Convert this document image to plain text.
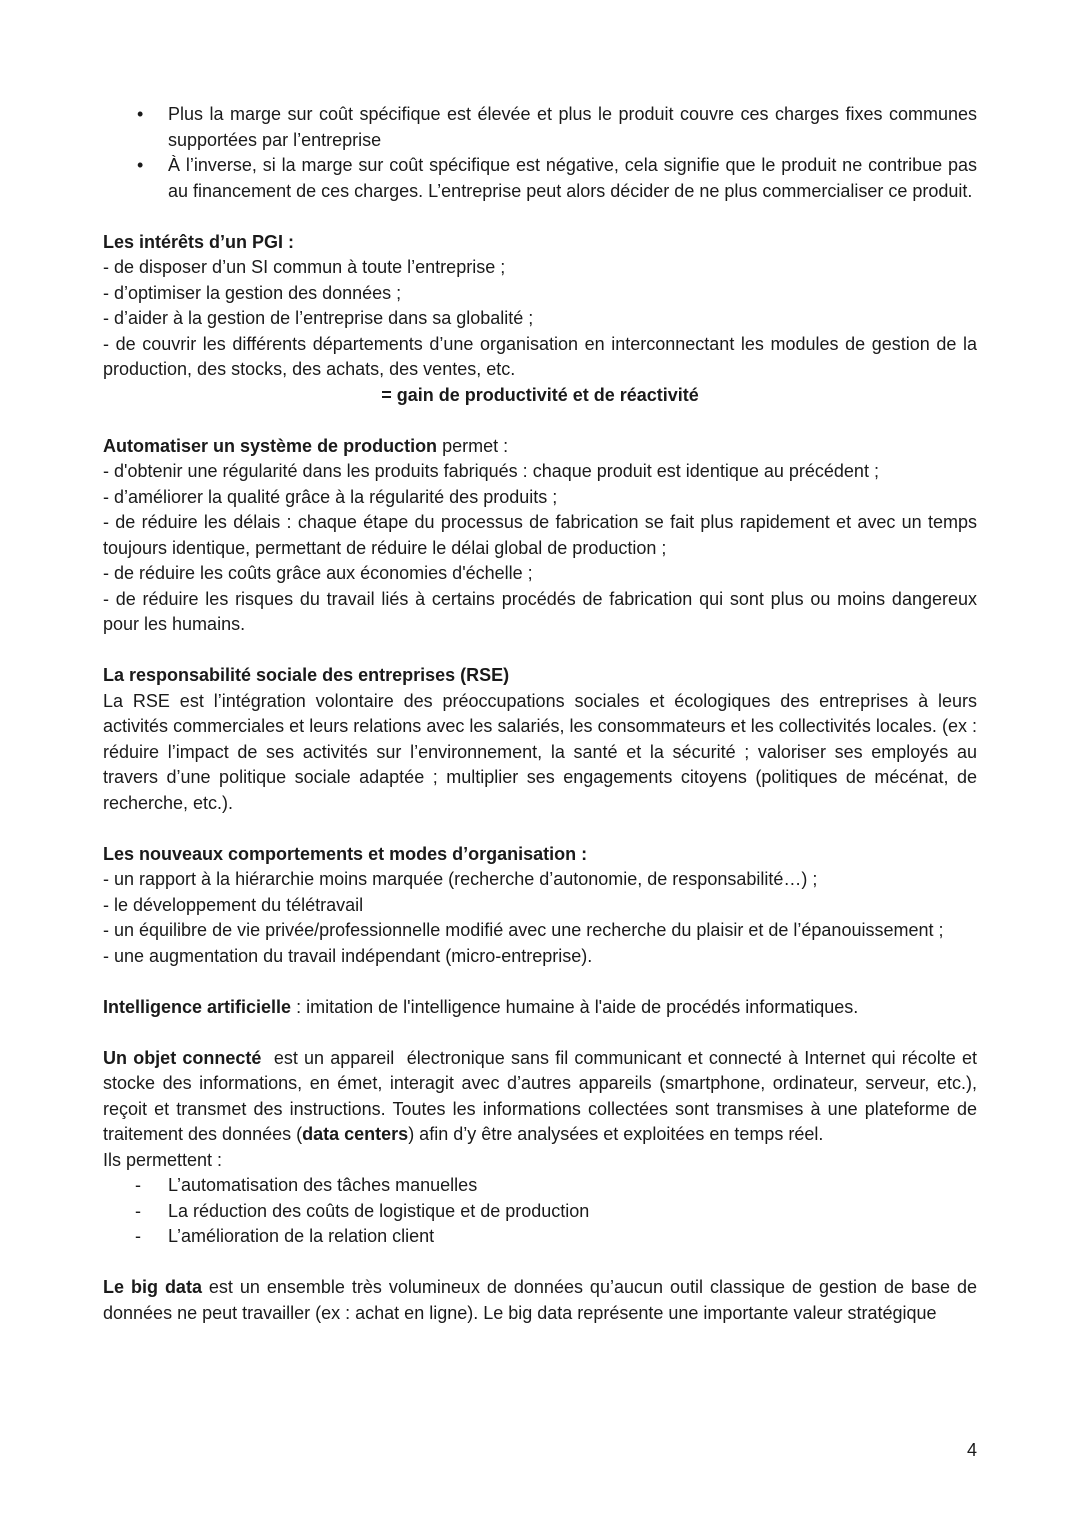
• Plus la marge sur coût spécifique est élevée et plus le produit couvre ces charges fixes communes supportées par l’entreprise
• À l’inverse, si la marge sur coût spécifique est négative, cela signifie que le produit ne contribue pas au financement de ces charges. L’entreprise peut alors décider de ne plus commercialiser ce produit.

Les intérêts d’un PGI :

- de disposer d’un SI commun à toute l’entreprise ;

- d’optimiser la gestion des données ;

- d’aider à la gestion de l’entreprise dans sa globalité ;

- de couvrir les différents départements d’une organisation en interconnectant les modules de gestion de la production, des stocks, des achats, des ventes, etc.

= gain de productivité et de réactivité

Automatiser un système de production permet :

- d'obtenir une régularité dans les produits fabriqués : chaque produit est identique au précédent ;

- d’améliorer la qualité grâce à la régularité des produits ;

- de réduire les délais : chaque étape du processus de fabrication se fait plus rapidement et avec un temps toujours identique, permettant de réduire le délai global de production ;

- de réduire les coûts grâce aux économies d'échelle ;

- de réduire les risques du travail liés à certains procédés de fabrication qui sont plus ou moins dangereux pour les humains.

La responsabilité sociale des entreprises (RSE)

La RSE est l’intégration volontaire des préoccupations sociales et écologiques des entreprises à leurs activités commerciales et leurs relations avec les salariés, les consommateurs et les collectivités locales. (ex : réduire l’impact de ses activités sur l’environnement, la santé et la sécurité ; valoriser ses employés au travers d’une politique sociale adaptée ; multiplier ses engagements citoyens (politiques de mécénat, de recherche, etc.).

Les nouveaux comportements et modes d’organisation :

- un rapport à la hiérarchie moins marquée (recherche d’autonomie, de responsabilité…) ;

- le développement du télétravail

- un équilibre de vie privée/professionnelle modifié avec une recherche du plaisir et de l’épanouissement ;

- une augmentation du travail indépendant (micro-entreprise).

Intelligence artificielle : imitation de l'intelligence humaine à l'aide de procédés informatiques.

Un objet connecté  est un appareil  électronique sans fil communicant et connecté à Internet qui récolte et stocke des informations, en émet, interagit avec d’autres appareils (smartphone, ordinateur, serveur, etc.), reçoit et transmet des instructions. Toutes les informations collectées sont transmises à une plateforme de traitement des données (data centers) afin d’y être analysées et exploitées en temps réel.

Ils permettent :

- L’automatisation des tâches manuelles
- La réduction des coûts de logistique et de production
- L’amélioration de la relation client

Le big data est un ensemble très volumineux de données qu’aucun outil classique de gestion de base de données ne peut travailler (ex : achat en ligne). Le big data représente une importante valeur stratégique

4
